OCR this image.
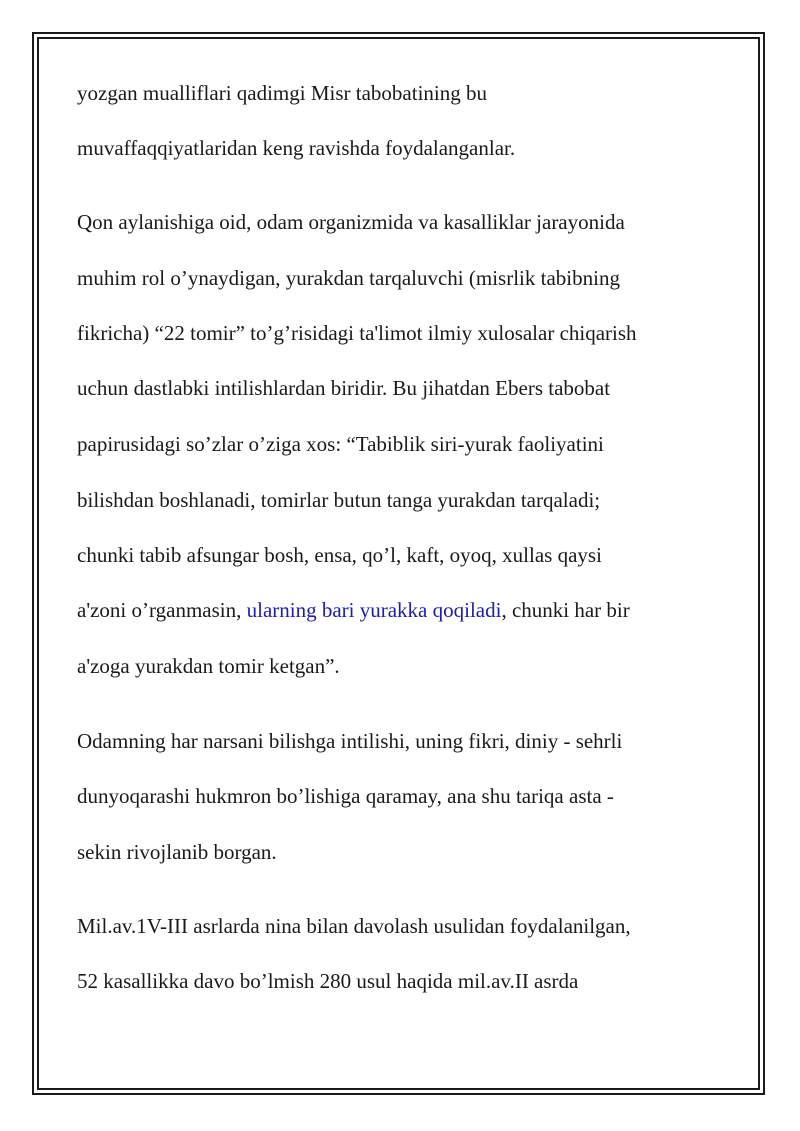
yozgan mualliflari qadimgi Misr tabobatining bu
muvaffaqqiyatlaridan keng ravishda foydalanganlar.
Qon aylanishiga oid, odam organizmida va kasalliklar jarayonida
muhim rol o’ynaydigan, yurakdan tarqaluvchi (misrlik tabibning
fikricha) “22 tomir” to’g’risidagi ta'limot ilmiy xulosalar chiqarish
uchun dastlabki intilishlardan biridir. Bu jihatdan Ebers tabobat
papirusidagi so’zlar o’ziga xos: “Tabiblik siri-yurak faoliyatini
bilishdan boshlanadi, tomirlar butun tanga yurakdan tarqaladi;
chunki tabib afsungar bosh, ensa, qo’l, kaft, oyoq, xullas qaysi
a'zoni o’rganmasin, ularning bari yurakka qoqiladi, chunki har bir
a'zoga yurakdan tomir ketgan”.
Odamning har narsani bilishga intilishi, uning fikri, diniy - sehrli
dunyoqarashi hukmron bo’lishiga qaramay, ana shu tariqa asta -
sekin rivojlanib borgan.
Mil.av.1V-III asrlarda nina bilan davolash usulidan foydalanilgan,
52 kasallikka davo bo’lmish 280 usul haqida mil.av.II asrda
